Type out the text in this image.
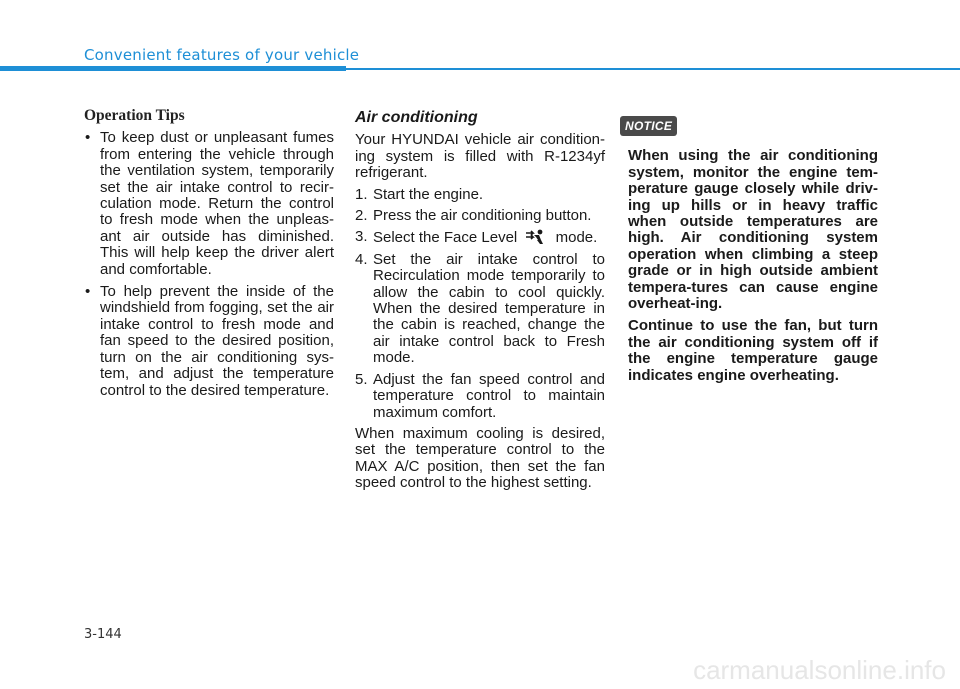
Convenient features of your vehicle
Operation Tips
• To keep dust or unpleasant fumes from entering the vehicle through the ventilation system, temporarily set the air intake control to recir-culation mode. Return the control to fresh mode when the unpleas-ant air outside has diminished. This will help keep the driver alert and comfortable.
• To help prevent the inside of the windshield from fogging, set the air intake control to fresh mode and fan speed to the desired position, turn on the air conditioning sys-tem, and adjust the temperature control to the desired temperature.
Air conditioning

Your HYUNDAI vehicle air condition-ing system is filled with R-1234yf refrigerant.

1. Start the engine.
2. Press the air conditioning button.
3. Select the Face Level	mode.
4. Set the air intake control to Recirculation mode temporarily to allow the cabin to cool quickly. When the desired temperature in the cabin is reached, change the air intake control back to Fresh mode.
5. Adjust the fan speed control and temperature control to maintain maximum comfort.

When maximum cooling is desired, set the temperature control to the MAX A/C position, then set the fan speed control to the highest setting.

NOTICE

When using the air conditioning system, monitor the engine tem-perature gauge closely while driv-ing up hills or in heavy traffic when outside temperatures are high. Air conditioning system operation when climbing a steep grade or in high outside ambient tempera-tures can cause engine overheat-ing.

Continue to use the fan, but turn the air conditioning system off if the engine temperature gauge indicates engine overheating.

3-144
carmanualsonline.info
